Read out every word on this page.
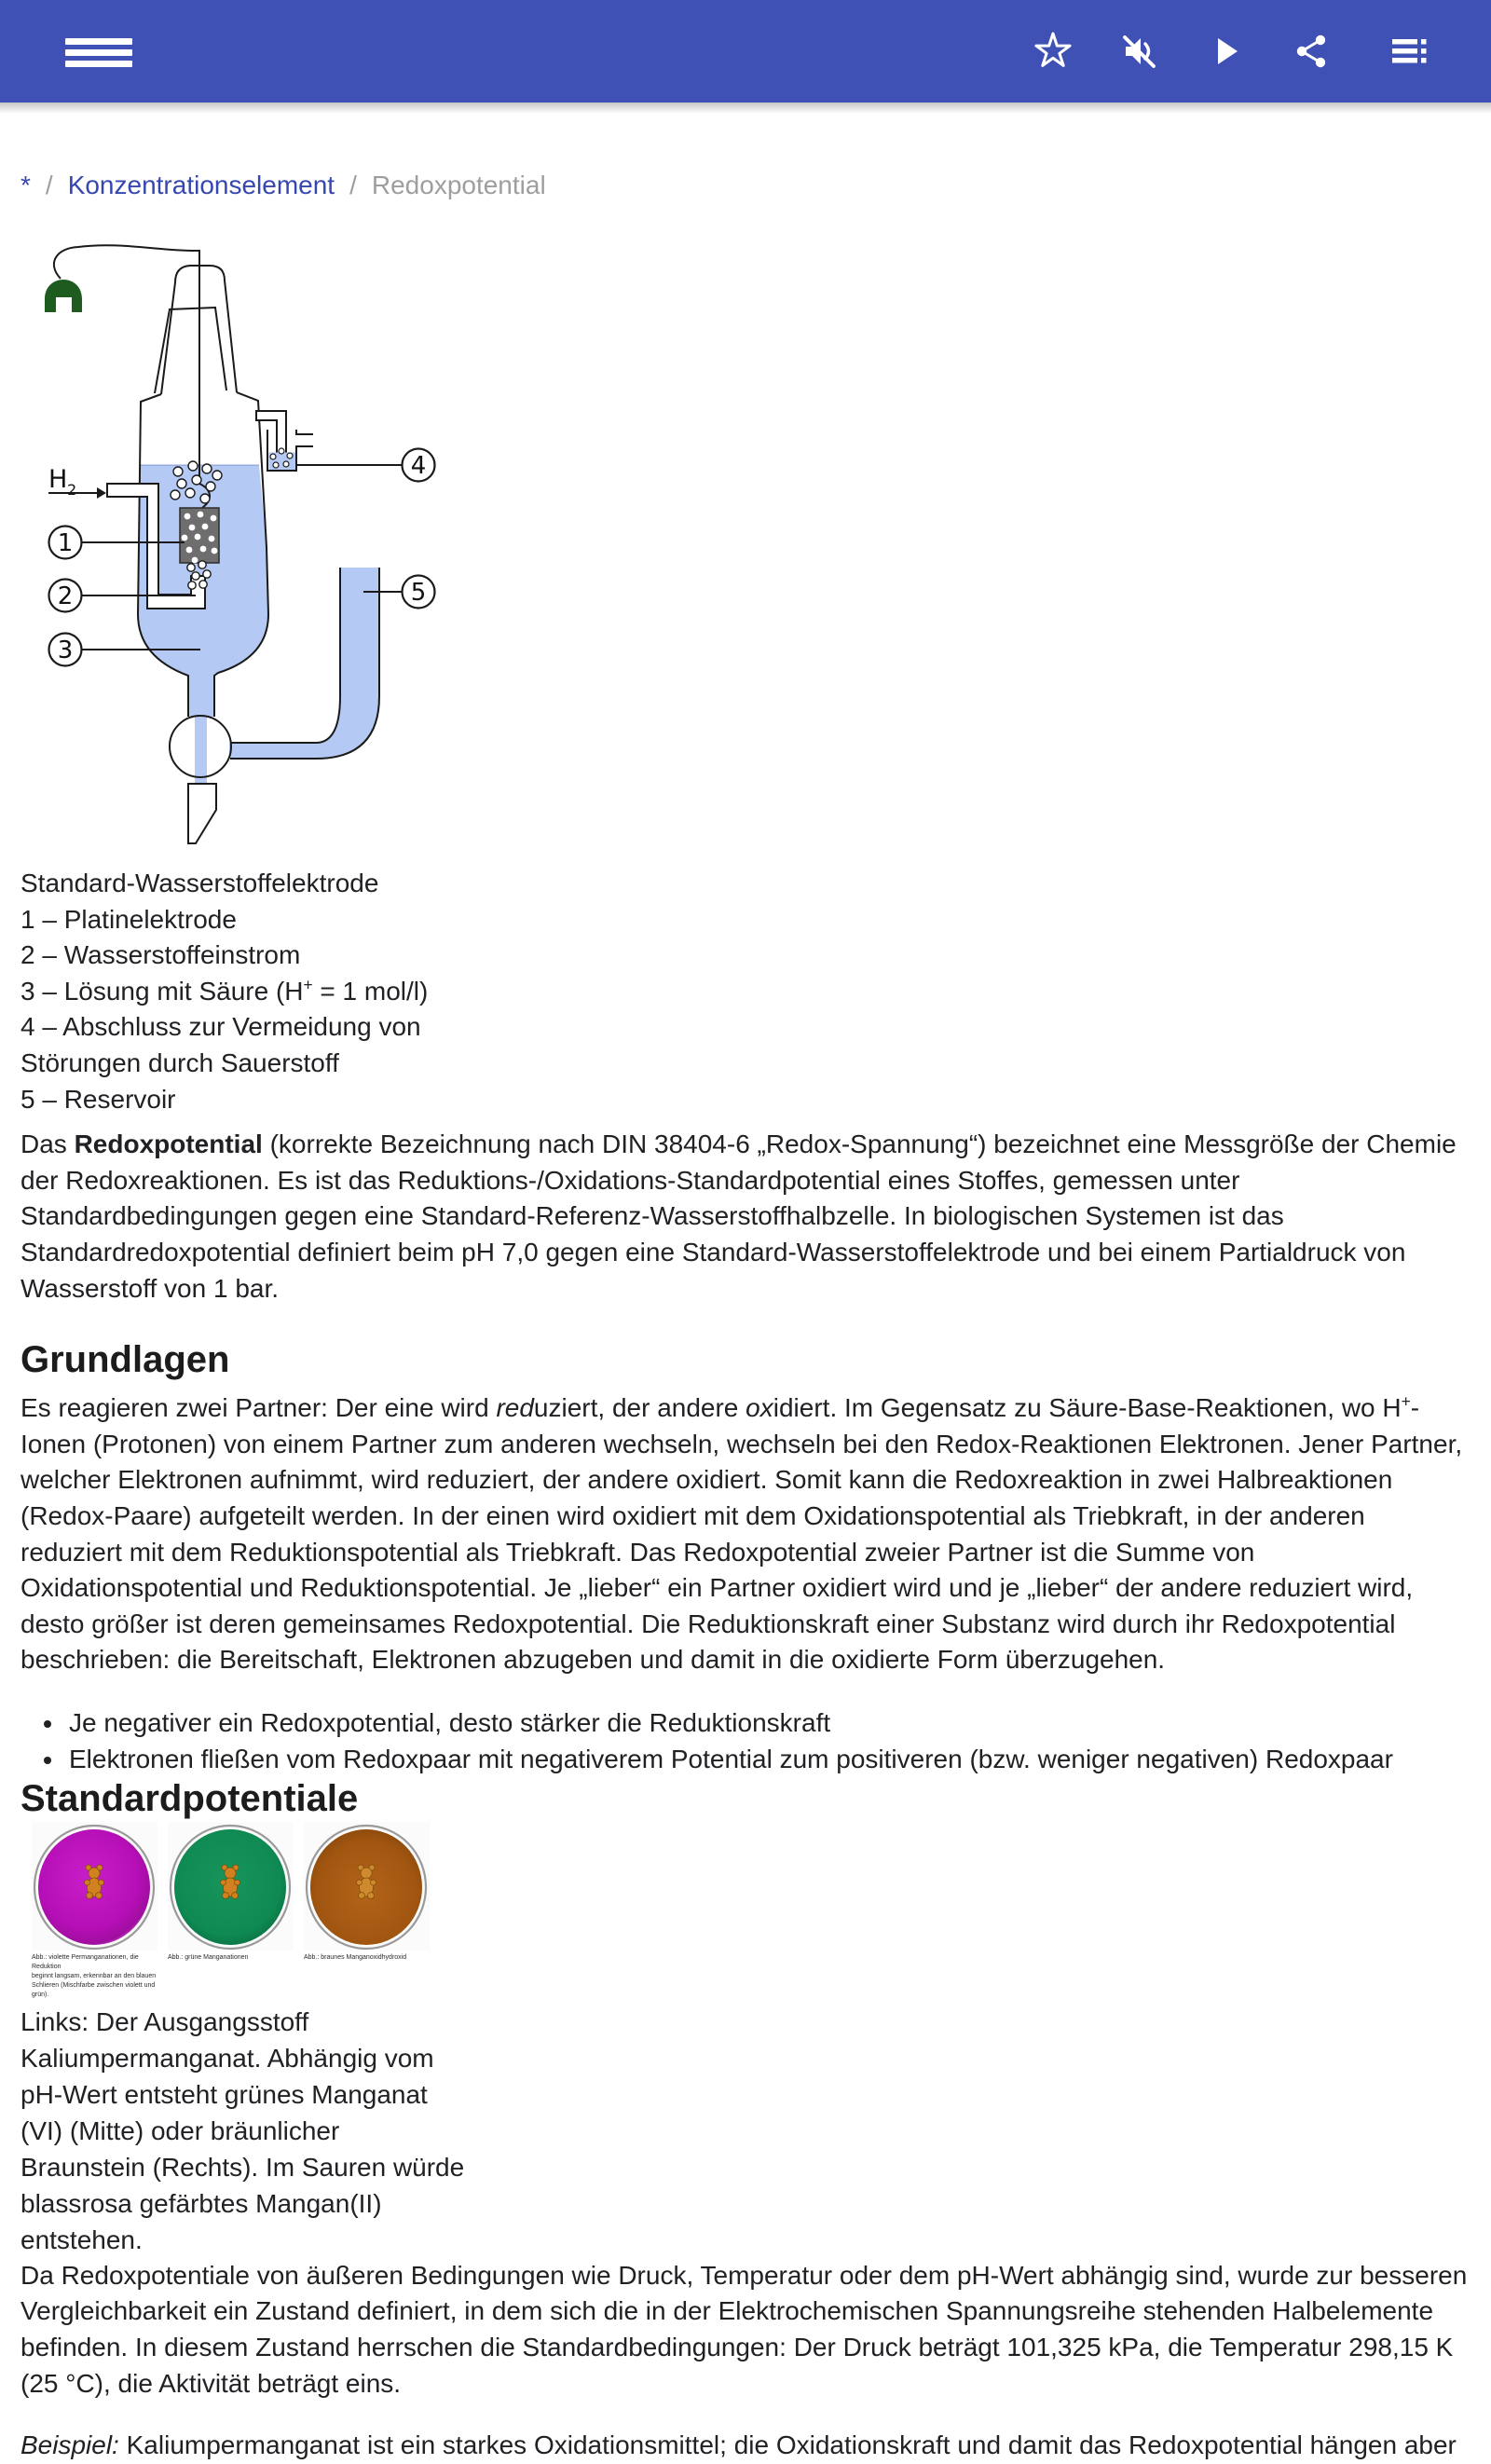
* / Konzentrationselement / Redoxpotential
H 2
1
2
3
4
5
Standard-Wasserstoffelektrode
1 – Platinelektrode
2 – Wasserstoffeinstrom
3 – Lösung mit Säure (H+ = 1 mol/l)
4 – Abschluss zur Vermeidung von
Störungen durch Sauerstoff
5 – Reservoir

Das Redoxpotential (korrekte Bezeichnung nach DIN 38404-6 „Redox-Spannung“) bezeichnet eine Messgröße der Chemie der Redoxreaktionen. Es ist das Reduktions-/Oxidations-Standardpotential eines Stoffes, gemessen unter Standardbedingungen gegen eine Standard-Referenz-Wasserstoffhalbzelle. In biologischen Systemen ist das Standardredoxpotential definiert beim pH 7,0 gegen eine Standard-Wasserstoffelektrode und bei einem Partialdruck von Wasserstoff von 1 bar.

Grundlagen

Es reagieren zwei Partner: Der eine wird reduziert, der andere oxidiert. Im Gegensatz zu Säure-Base-Reaktionen, wo H+-Ionen (Protonen) von einem Partner zum anderen wechseln, wechseln bei den Redox-Reaktionen Elektronen. Jener Partner, welcher Elektronen aufnimmt, wird reduziert, der andere oxidiert. Somit kann die Redoxreaktion in zwei Halbreaktionen (Redox-Paare) aufgeteilt werden. In der einen wird oxidiert mit dem Oxidationspotential als Triebkraft, in der anderen reduziert mit dem Reduktionspotential als Triebkraft. Das Redoxpotential zweier Partner ist die Summe von Oxidationspotential und Reduktionspotential. Je „lieber“ ein Partner oxidiert wird und je „lieber“ der andere reduziert wird, desto größer ist deren gemeinsames Redoxpotential. Die Reduktionskraft einer Substanz wird durch ihr Redoxpotential beschrieben: die Bereitschaft, Elektronen abzugeben und damit in die oxidierte Form überzugehen.

• Je negativer ein Redoxpotential, desto stärker die Reduktionskraft
• Elektronen fließen vom Redoxpaar mit negativerem Potential zum positiveren (bzw. weniger negativen) Redoxpaar
Standardpotentiale
Abb.: violette Permanganationen, die Reduktion
beginnt langsam, erkennbar an den blauen
Schlieren (Mischfarbe zwischen violett und grün).
Abb.: grüne Manganationen	Abb.: braunes Manganoxidhydroxid
Links: Der Ausgangsstoff
Kaliumpermanganat. Abhängig vom
pH-Wert entsteht grünes Manganat
(VI) (Mitte) oder bräunlicher
Braunstein (Rechts). Im Sauren würde
blassrosa gefärbtes Mangan(II)
entstehen.

Da Redoxpotentiale von äußeren Bedingungen wie Druck, Temperatur oder dem pH-Wert abhängig sind, wurde zur besseren Vergleichbarkeit ein Zustand definiert, in dem sich die in der Elektrochemischen Spannungsreihe stehenden Halbelemente befinden. In diesem Zustand herrschen die Standardbedingungen: Der Druck beträgt 101,325 kPa, die Temperatur 298,15 K (25 °C), die Aktivität beträgt eins.

Beispiel: Kaliumpermanganat ist ein starkes Oxidationsmittel; die Oxidationskraft und damit das Redoxpotential hängen aber
